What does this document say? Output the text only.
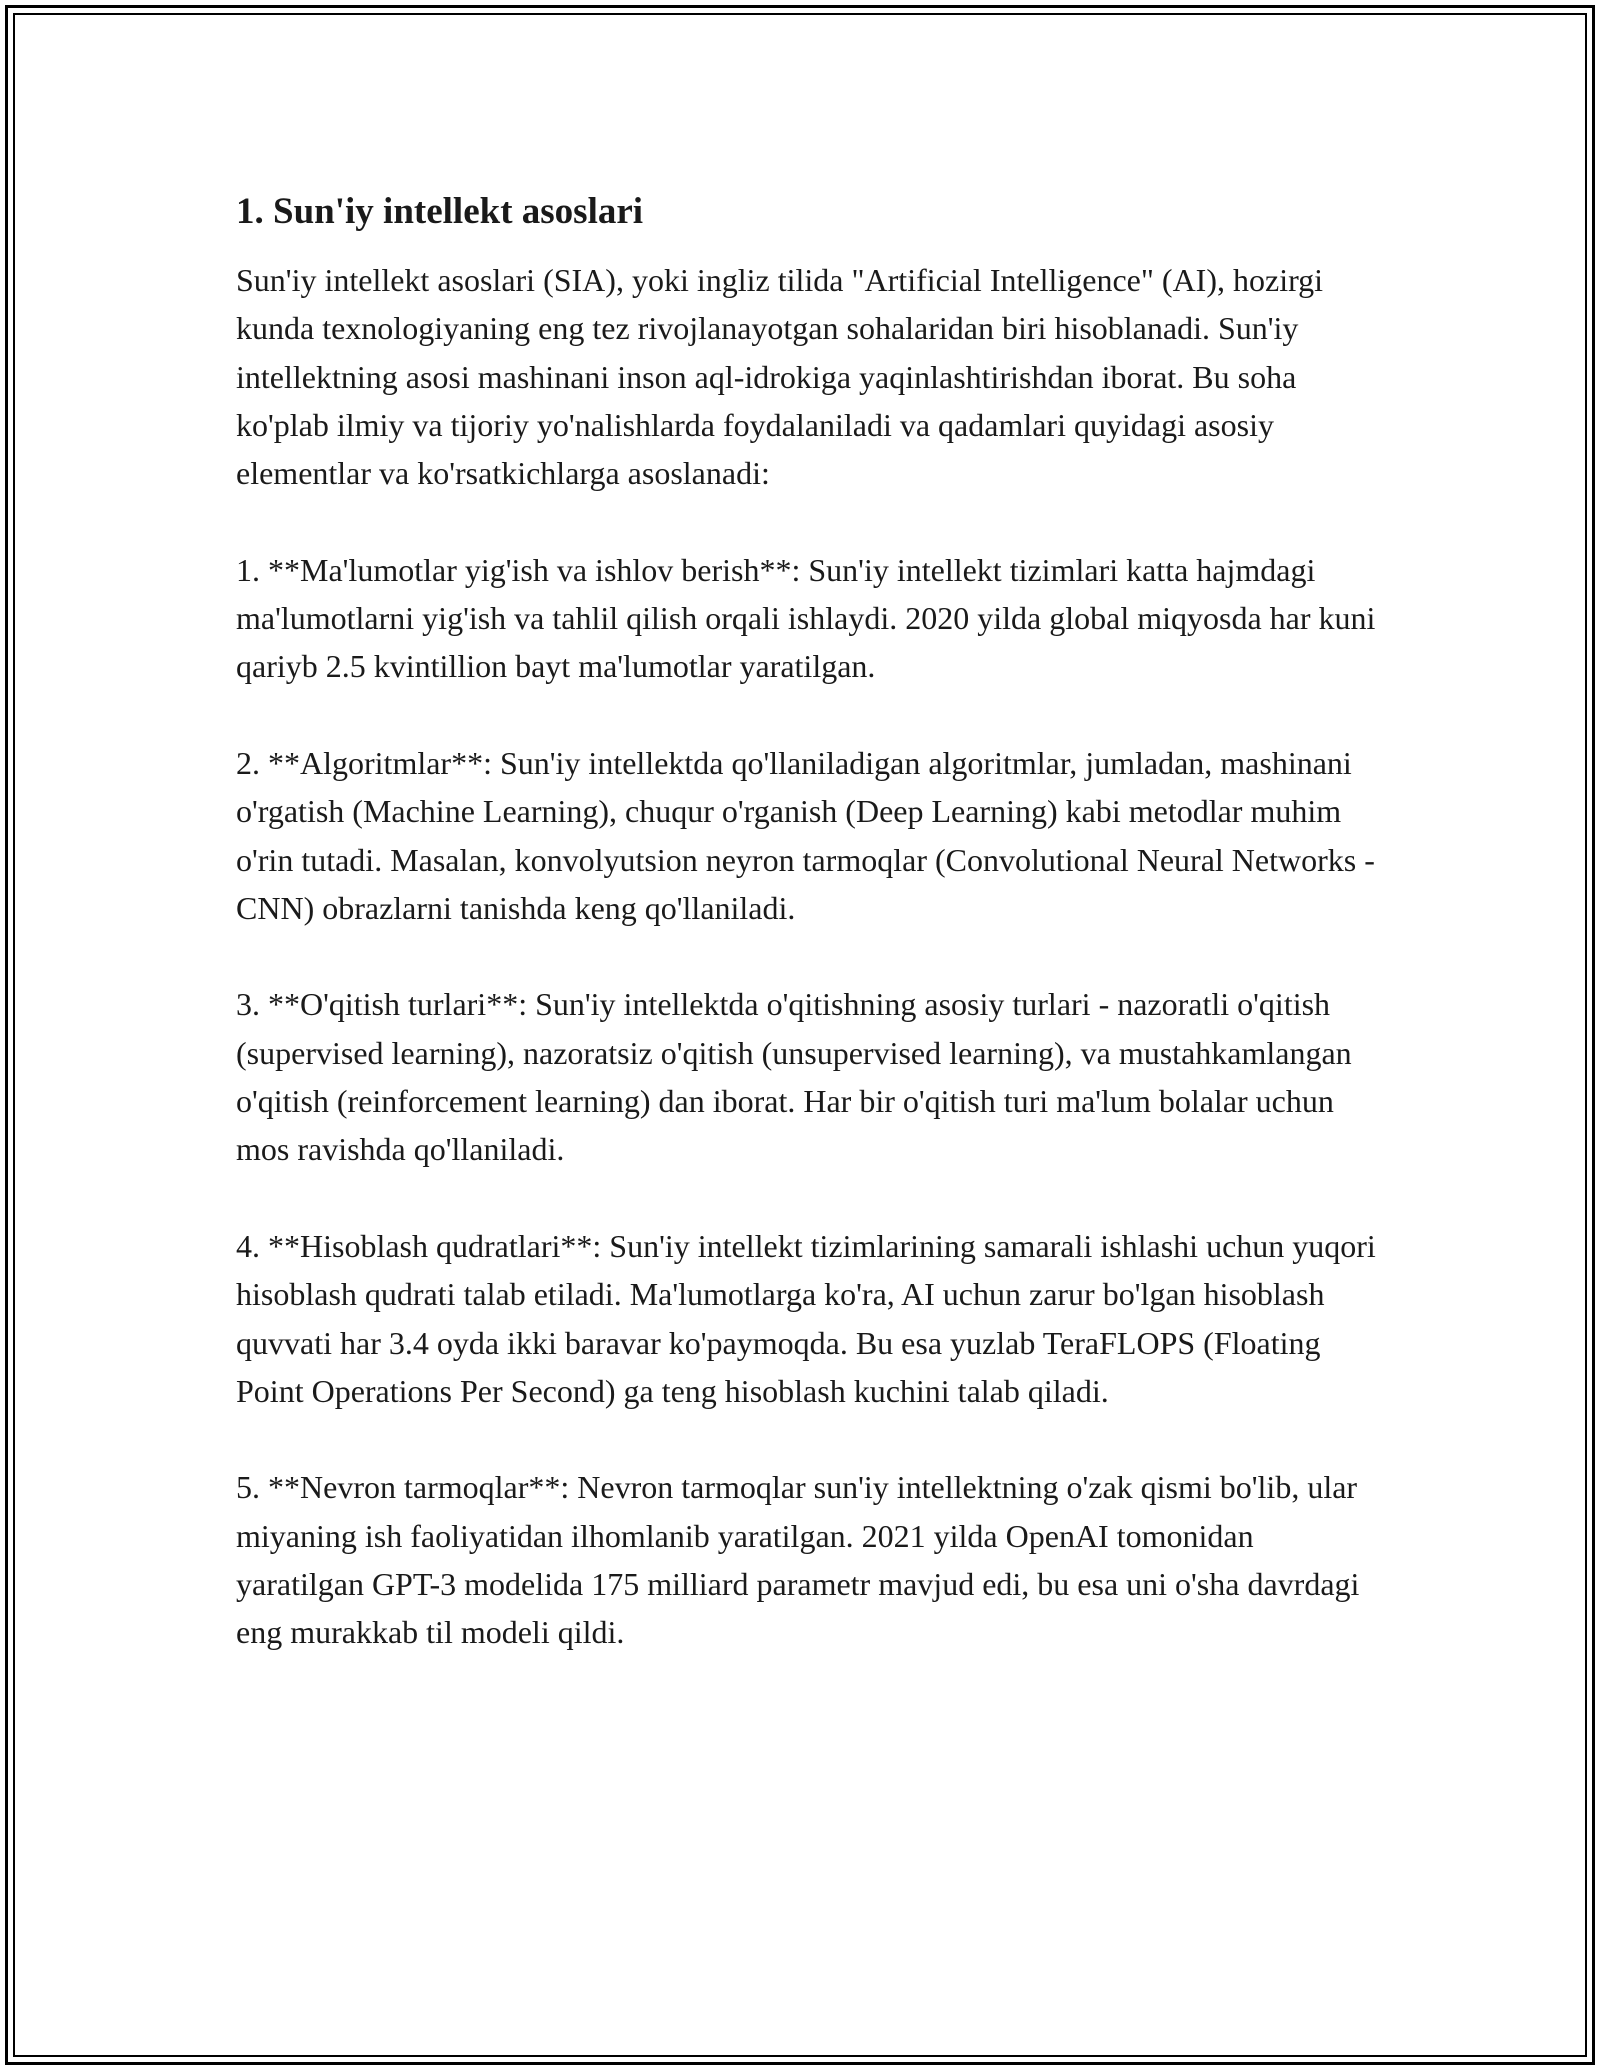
1. Sun'iy intellekt asoslari

Sun'iy intellekt asoslari (SIA), yoki ingliz tilida "Artificial Intelligence" (AI), hozirgi kunda texnologiyaning eng tez rivojlanayotgan sohalaridan biri hisoblanadi. Sun'iy intellektning asosi mashinani inson aql-idrokiga yaqinlashtirishdan iborat. Bu soha ko'plab ilmiy va tijoriy yo'nalishlarda foydalaniladi va qadamlari quyidagi asosiy elementlar va ko'rsatkichlarga asoslanadi:

1. **Ma'lumotlar yig'ish va ishlov berish**: Sun'iy intellekt tizimlari katta hajmdagi ma'lumotlarni yig'ish va tahlil qilish orqali ishlaydi. 2020 yilda global miqyosda har kuni qariyb 2.5 kvintillion bayt ma'lumotlar yaratilgan.

2. **Algoritmlar**: Sun'iy intellektda qo'llaniladigan algoritmlar, jumladan, mashinani o'rgatish (Machine Learning), chuqur o'rganish (Deep Learning) kabi metodlar muhim o'rin tutadi. Masalan, konvolyutsion neyron tarmoqlar (Convolutional Neural Networks - CNN) obrazlarni tanishda keng qo'llaniladi.

3. **O'qitish turlari**: Sun'iy intellektda o'qitishning asosiy turlari - nazoratli o'qitish (supervised learning), nazoratsiz o'qitish (unsupervised learning), va mustahkamlangan o'qitish (reinforcement learning) dan iborat. Har bir o'qitish turi ma'lum bolalar uchun mos ravishda qo'llaniladi.

4. **Hisoblash qudratlari**: Sun'iy intellekt tizimlarining samarali ishlashi uchun yuqori hisoblash qudrati talab etiladi. Ma'lumotlarga ko'ra, AI uchun zarur bo'lgan hisoblash quvvati har 3.4 oyda ikki baravar ko'paymoqda. Bu esa yuzlab TeraFLOPS (Floating Point Operations Per Second) ga teng hisoblash kuchini talab qiladi.

5. **Nevron tarmoqlar**: Nevron tarmoqlar sun'iy intellektning o'zak qismi bo'lib, ular miyaning ish faoliyatidan ilhomlanib yaratilgan. 2021 yilda OpenAI tomonidan yaratilgan GPT-3 modelida 175 milliard parametr mavjud edi, bu esa uni o'sha davrdagi eng murakkab til modeli qildi.
